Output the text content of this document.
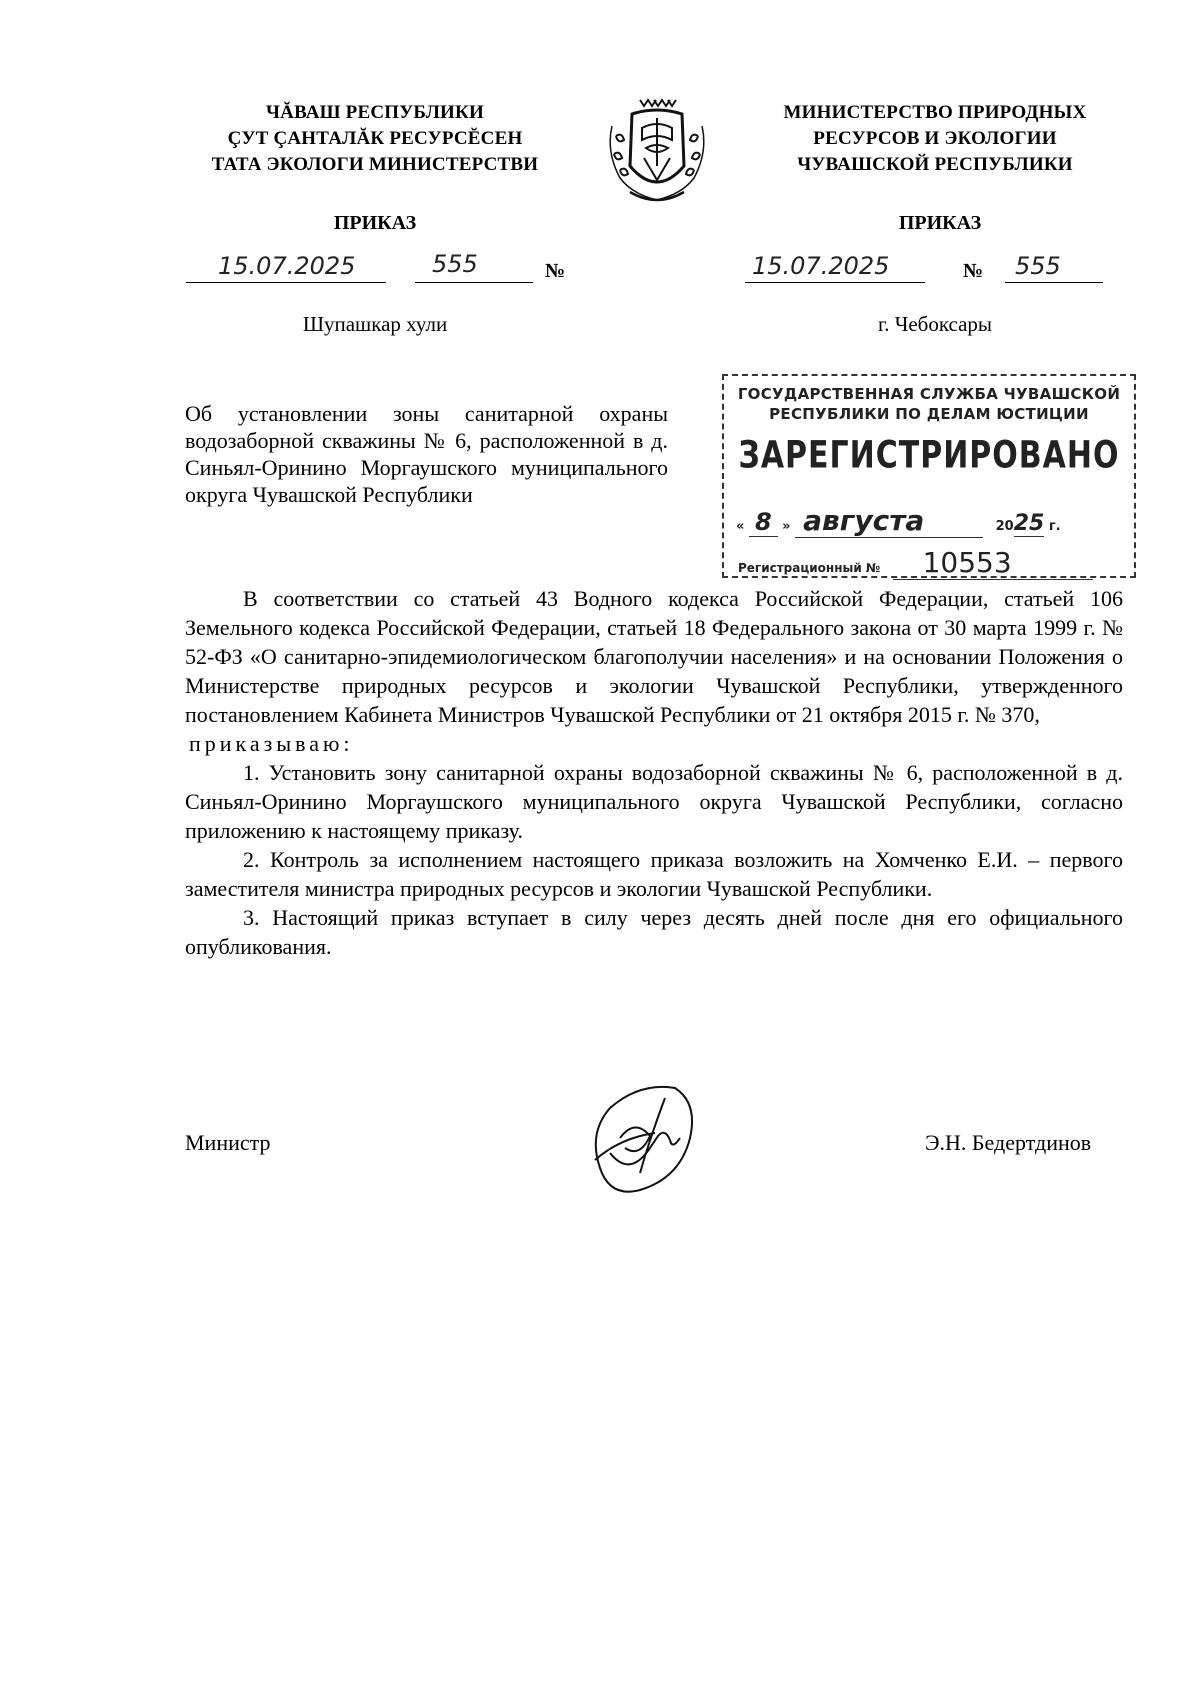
ЧĂВАШ РЕСПУБЛИКИ
ÇУТ ÇАНТАЛĂК РЕСУРСĔСЕН
ТАТА ЭКОЛОГИ МИНИСТЕРСТВИ
МИНИСТЕРСТВО ПРИРОДНЫХ
РЕСУРСОВ И ЭКОЛОГИИ
ЧУВАШСКОЙ РЕСПУБЛИКИ
ПРИКАЗ	ПРИКАЗ
15.07.2025	555	№	15.07.2025	№ 555
Шупашкар хули	г. Чебоксары
Об установлении зоны санитарной охраны водозаборной скважины № 6, расположенной в д. Синьял-Оринино Моргаушского муниципального округа Чувашской Республики
ГОСУДАРСТВЕННАЯ СЛУЖБА ЧУВАШСКОЙ
РЕСПУБЛИКИ ПО ДЕЛАМ ЮСТИЦИИ
ЗАРЕГИСТРИРОВАНО
« 8 » августа	2025 г.
Регистрационный № 10553

В соответствии со статьей 43 Водного кодекса Российской Федерации, статьей 106 Земельного кодекса Российской Федерации, статьей 18 Федерального закона от 30 марта 1999 г. № 52-ФЗ «О санитарно-эпидемиологическом благополучии населения» и на основании Положения о Министерстве природных ресурсов и экологии Чувашской Республики, утвержденного постановлением Кабинета Министров Чувашской Республики от 21 октября 2015 г. № 370,

приказываю:

1. Установить зону санитарной охраны водозаборной скважины № 6, расположенной в д. Синьял-Оринино Моргаушского муниципального округа Чувашской Республики, согласно приложению к настоящему приказу.

2. Контроль за исполнением настоящего приказа возложить на Хомченко Е.И. – первого заместителя министра природных ресурсов и экологии Чувашской Республики.

3. Настоящий приказ вступает в силу через десять дней после дня его официального опубликования.

Министр	Э.Н. Бедертдинов
